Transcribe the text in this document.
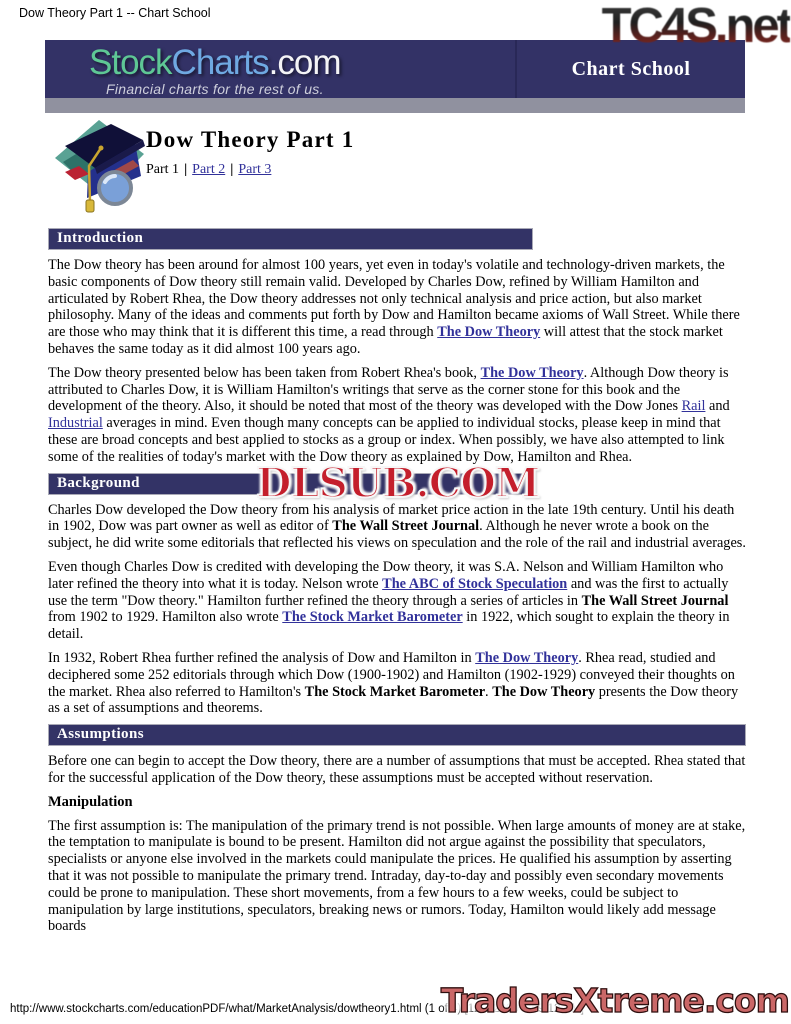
Dow Theory Part 1 -- Chart School	TC4S.net
StockCharts.com
Financial charts for the rest of us.
Chart School
Dow Theory Part 1
Part 1 | Part 2 | Part 3
Introduction

The Dow theory has been around for almost 100 years, yet even in today's volatile and technology-driven markets, the basic components of Dow theory still remain valid. Developed by Charles Dow, refined by William Hamilton and articulated by Robert Rhea, the Dow theory addresses not only technical analysis and price action, but also market philosophy. Many of the ideas and comments put forth by Dow and Hamilton became axioms of Wall Street. While there are those who may think that it is different this time, a read through The Dow Theory will attest that the stock market behaves the same today as it did almost 100 years ago.

The Dow theory presented below has been taken from Robert Rhea's book, The Dow Theory. Although Dow theory is attributed to Charles Dow, it is William Hamilton's writings that serve as the corner stone for this book and the development of the theory. Also, it should be noted that most of the theory was developed with the Dow Jones Rail and Industrial averages in mind. Even though many concepts can be applied to individual stocks, please keep in mind that these are broad concepts and best applied to stocks as a group or index. When possibly, we have also attempted to link some of the realities of today's market with the Dow theory as explained by Dow, Hamilton and Rhea.

Background	DLSUB.COM

Charles Dow developed the Dow theory from his analysis of market price action in the late 19th century. Until his death in 1902, Dow was part owner as well as editor of The Wall Street Journal. Although he never wrote a book on the subject, he did write some editorials that reflected his views on speculation and the role of the rail and industrial averages.

Even though Charles Dow is credited with developing the Dow theory, it was S.A. Nelson and William Hamilton who later refined the theory into what it is today. Nelson wrote The ABC of Stock Speculation and was the first to actually use the term "Dow theory." Hamilton further refined the theory through a series of articles in The Wall Street Journal from 1902 to 1929. Hamilton also wrote The Stock Market Barometer in 1922, which sought to explain the theory in detail.

In 1932, Robert Rhea further refined the analysis of Dow and Hamilton in The Dow Theory. Rhea read, studied and deciphered some 252 editorials through which Dow (1900-1902) and Hamilton (1902-1929) conveyed their thoughts on the market. Rhea also referred to Hamilton's The Stock Market Barometer. The Dow Theory presents the Dow theory as a set of assumptions and theorems.

Assumptions

Before one can begin to accept the Dow theory, there are a number of assumptions that must be accepted. Rhea stated that for the successful application of the Dow theory, these assumptions must be accepted without reservation.

Manipulation

The first assumption is: The manipulation of the primary trend is not possible. When large amounts of money are at stake, the temptation to manipulate is bound to be present. Hamilton did not argue against the possibility that speculators, specialists or anyone else involved in the markets could manipulate the prices. He qualified his assumption by asserting that it was not possible to manipulate the primary trend. Intraday, day-to-day and possibly even secondary movements could be prone to manipulation. These short movements, from a few hours to a few weeks, could be subject to manipulation by large institutions, speculators, breaking news or rumors. Today, Hamilton would likely add message boards

TradersXtreme.com
http://www.stockcharts.com/educationPDF/what/MarketAnalysis/dowtheory1.html (1 of 4) [12/1/2000 3:59:12 PM]
